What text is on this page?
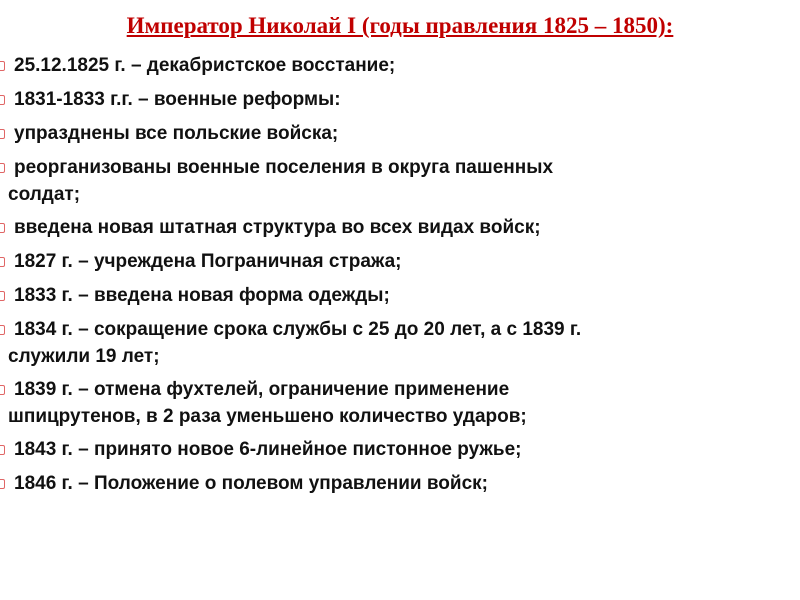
Император Николай I (годы правления 1825 – 1850):
25.12.1825 г. – декабристское восстание;
1831-1833 г.г. – военные реформы:
упразднены все польские войска;
реорганизованы военные поселения в округа пашенных
солдат;
введена новая штатная структура во всех видах войск;
1827 г. – учреждена Пограничная стража;
1833 г. – введена новая форма одежды;
1834 г. – сокращение срока службы с 25 до 20 лет, а с 1839 г.
служили 19 лет;
1839 г. – отмена фухтелей, ограничение применение
шпицрутенов, в 2 раза уменьшено количество ударов;
1843 г. – принято новое 6-линейное пистонное ружье;
1846 г. – Положение о полевом управлении войск;
